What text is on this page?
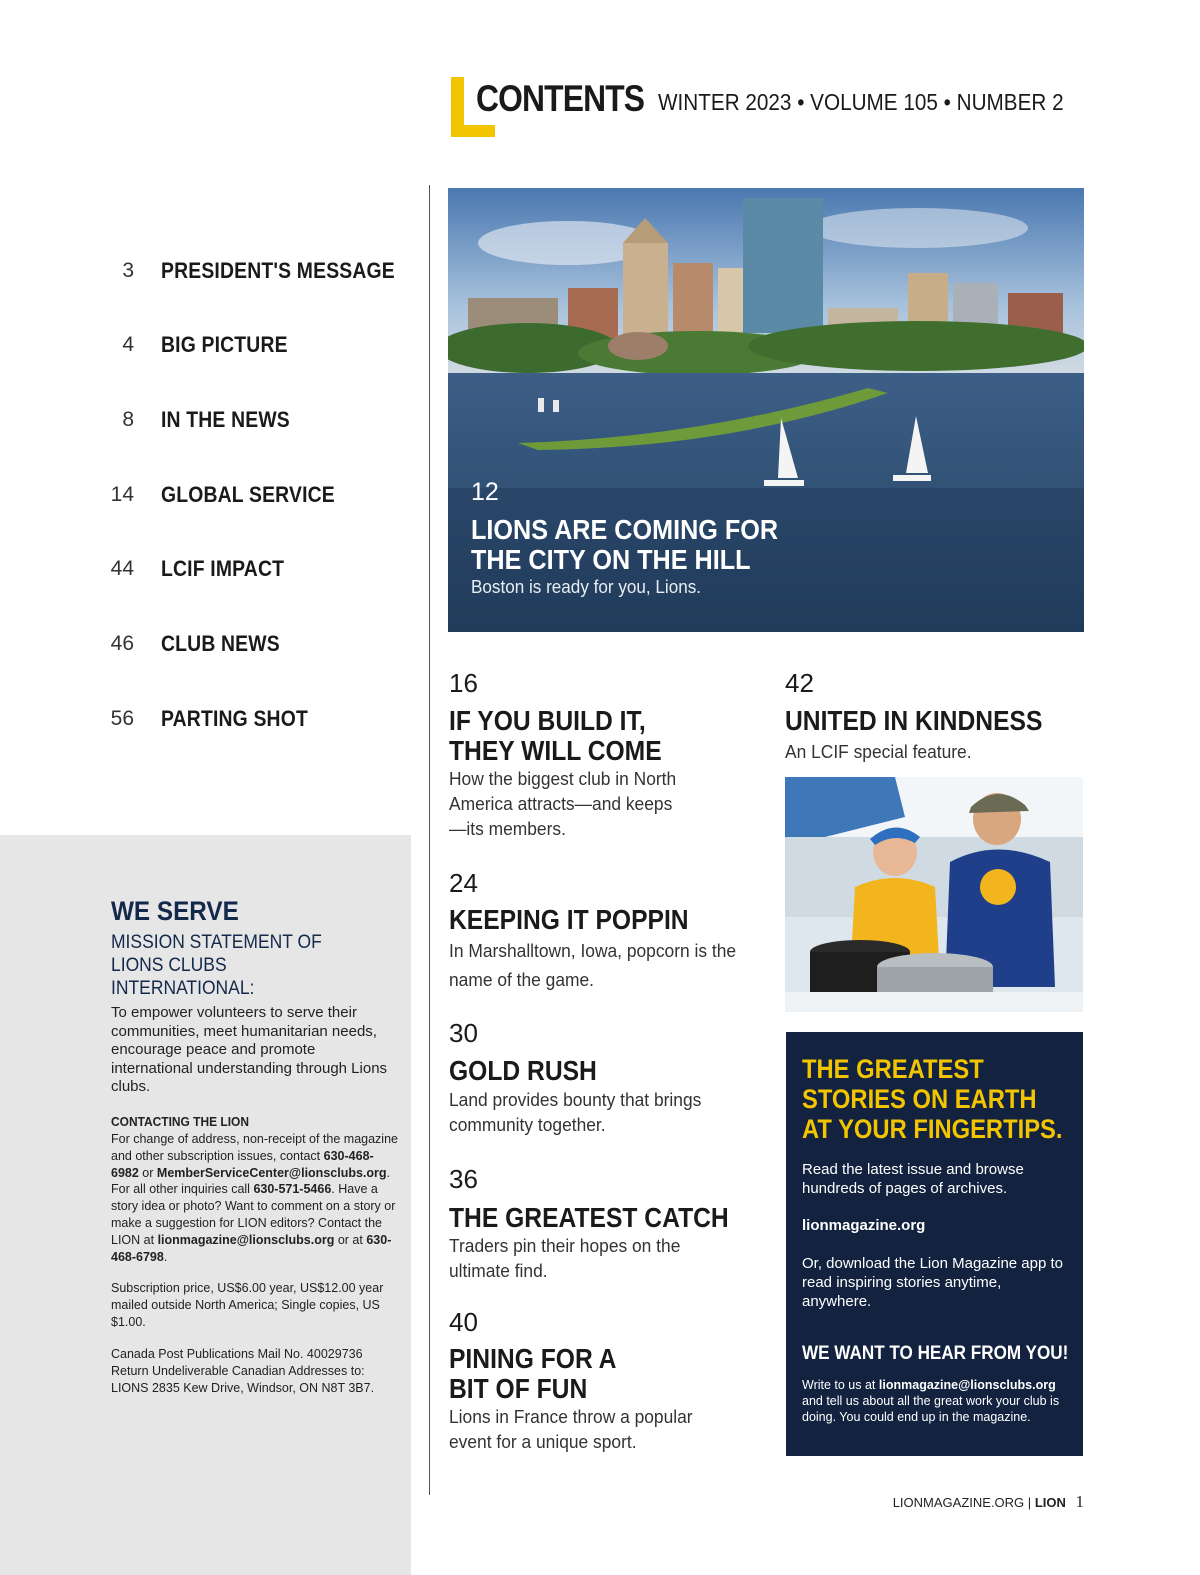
CONTENTS WINTER 2023 • VOLUME 105 • NUMBER 2
3 PRESIDENT'S MESSAGE
4 BIG PICTURE
8 IN THE NEWS
14 GLOBAL SERVICE
44 LCIF IMPACT
46 CLUB NEWS
56 PARTING SHOT
WE SERVE
MISSION STATEMENT OF LIONS CLUBS INTERNATIONAL:
To empower volunteers to serve their communities, meet humanitarian needs, encourage peace and promote international understanding through Lions clubs.
CONTACTING THE LION
For change of address, non-receipt of the magazine and other subscription issues, contact 630-468-6982 or MemberServiceCenter@lionsclubs.org. For all other inquiries call 630-571-5466. Have a story idea or photo? Want to comment on a story or make a suggestion for LION editors? Contact the LION at lionmagazine@lionsclubs.org or at 630-468-6798.
Subscription price, US$6.00 year, US$12.00 year mailed outside North America; Single copies, US $1.00.
Canada Post Publications Mail No. 40029736 Return Undeliverable Canadian Addresses to: LIONS 2835 Kew Drive, Windsor, ON N8T 3B7.
12
LIONS ARE COMING FOR
THE CITY ON THE HILL
Boston is ready for you, Lions.
16
IF YOU BUILD IT,
THEY WILL COME
How the biggest club in North America attracts—and keeps —its members.
24
KEEPING IT POPPIN
In Marshalltown, Iowa, popcorn is the name of the game.
30
GOLD RUSH
Land provides bounty that brings community together.
36
THE GREATEST CATCH
Traders pin their hopes on the ultimate find.
40
PINING FOR A
BIT OF FUN
Lions in France throw a popular event for a unique sport.
42
UNITED IN KINDNESS
An LCIF special feature.
THE GREATEST
STORIES ON EARTH
AT YOUR FINGERTIPS.
Read the latest issue and browse hundreds of pages of archives.
lionmagazine.org
Or, download the Lion Magazine app to read inspiring stories anytime, anywhere.
WE WANT TO HEAR FROM YOU!
Write to us at lionmagazine@lionsclubs.org and tell us about all the great work your club is doing. You could end up in the magazine.
LIONMAGAZINE.ORG | LION 1
